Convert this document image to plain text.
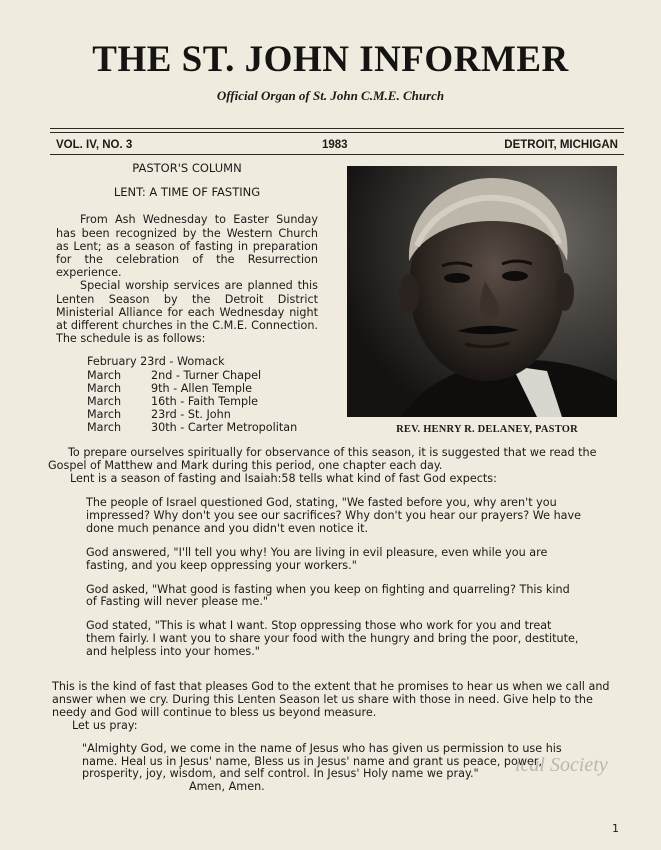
THE ST. JOHN INFORMER
Official Organ of St. John C.M.E. Church
VOL. IV, NO. 3	1983	DETROIT, MICHIGAN

PASTOR'S COLUMN

LENT: A TIME OF FASTING

From Ash Wednesday to Easter Sunday has been recognized by the Western Church as Lent; as a season of fasting in preparation for the celebration of the Resurrection experience.

Special worship services are planned this Lenten Season by the Detroit District Ministerial Alliance for each Wednesday night at different churches in the C.M.E. Connection. The schedule is as follows:

February 23rd - Womack
March	2nd - Turner Chapel
March	9th - Allen Temple
March	16th - Faith Temple
March	23rd - St. John
March	30th - Carter Metropolitan	REV. HENRY R. DELANEY, PASTOR

To prepare ourselves spiritually for observance of this season, it is suggested that we read the Gospel of Matthew and Mark during this period, one chapter each day.

Lent is a season of fasting and Isaiah:58 tells what kind of fast God expects:

The people of Israel questioned God, stating, "We fasted before you, why aren't you impressed? Why don't you see our sacrifices? Why don't you hear our prayers? We have done much penance and you didn't even notice it.

God answered, "I'll tell you why! You are living in evil pleasure, even while you are fasting, and you keep oppressing your workers."

God asked, "What good is fasting when you keep on fighting and quarreling? This kind of Fasting will never please me."

God stated, "This is what I want. Stop oppressing those who work for you and treat them fairly. I want you to share your food with the hungry and bring the poor, destitute, and helpless into your homes."

This is the kind of fast that pleases God to the extent that he promises to hear us when we call and answer when we cry. During this Lenten Season let us share with those in need. Give help to the needy and God will continue to bless us beyond measure.

Let us pray:

"Almighty God, we come in the name of Jesus who has given us permission to use his name. Heal us in Jesus' name, Bless us in Jesus' name and grant us peace, power, prosperity, joy, wisdom, and self control. In Jesus' Holy name we pray."

Amen, Amen.

ical Society
1
